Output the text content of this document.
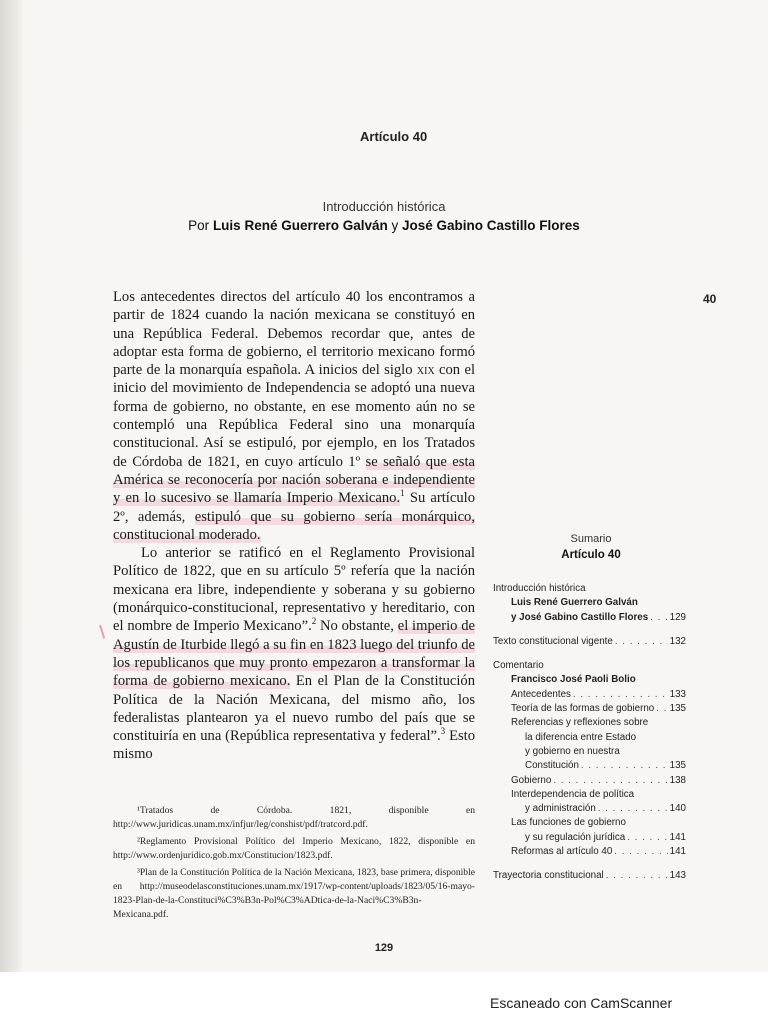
Artículo 40
Introducción histórica
Por Luis René Guerrero Galván y José Gabino Castillo Flores

Los antecedentes directos del artículo 40 los encontramos a partir de 1824 cuando la nación mexicana se constituyó en una República Federal. Debemos recordar que, antes de adoptar esta forma de gobierno, el territorio mexicano formó parte de la monarquía española. A inicios del siglo xix con el inicio del movimiento de Independencia se adoptó una nueva forma de gobierno, no obstante, en ese momento aún no se contempló una República Federal sino una monarquía constitucional. Así se estipuló, por ejemplo, en los Tratados de Córdoba de 1821, en cuyo artículo 1º se señaló que esta América se reconocería por nación soberana e independiente y en lo sucesivo se llamaría Imperio Mexicano.$^1$ Su artículo 2º, además, estipuló que su gobierno sería monárquico, constitucional moderado.

Lo anterior se ratificó en el Reglamento Provisional Político de 1822, que en su artículo 5º refería que la nación mexicana era libre, independiente y soberana y su gobierno (monárquico-constitucional, representativo y hereditario, con el nombre de Imperio Mexicano”.$^2$ No obstante, el imperio de Agustín de Iturbide llegó a su fin en 1823 luego del triunfo de los republicanos que muy pronto empezaron a transformar la forma de gobierno mexicano. En el Plan de la Constitución Política de la Nación Mexicana, del mismo año, los federalistas plantearon ya el nuevo rumbo del país que se constituiría en una (República representativa y federal”.$^3$ Esto mismo

¹Tratados de Córdoba. 1821, disponible en http://www.juridicas.unam.mx/infjur/leg/conshist/pdf/tratcord.pdf.

²Reglamento Provisional Político del Imperio Mexicano, 1822, disponible en http://www.ordenjuridico.gob.mx/Constitucion/1823.pdf.

³Plan de la Constitución Política de la Nación Mexicana, 1823, base primera, disponible en http://museodelasconstituciones.unam.mx/1917/wp-content/uploads/1823/05/16-mayo-1823-Plan-de-la-Constituci%C3%B3n-Pol%C3%ADtica-de-la-Naci%C3%B3n-Mexicana.pdf.

129
40
Sumario
Artículo 40
Introducción histórica
Luis René Guerrero Galván
y José Gabino Castillo Flores . . . 129
Texto constitucional vigente . . .	132
Comentario
Francisco José Paoli Bolio
Antecedentes . . .	133
Teoría de las formas de gobierno . . . 135
Referencias y reflexiones sobre
la diferencia entre Estado
y gobierno en nuestra
Constitución . . .	135
Gobierno . . .	138
Interdependencia de política
y administración . . .	140
Las funciones de gobierno
y su regulación jurídica . . .	141
Reformas al artículo 40 . . .	141
Trayectoria constitucional . . .	143
Escaneado con CamScanner
